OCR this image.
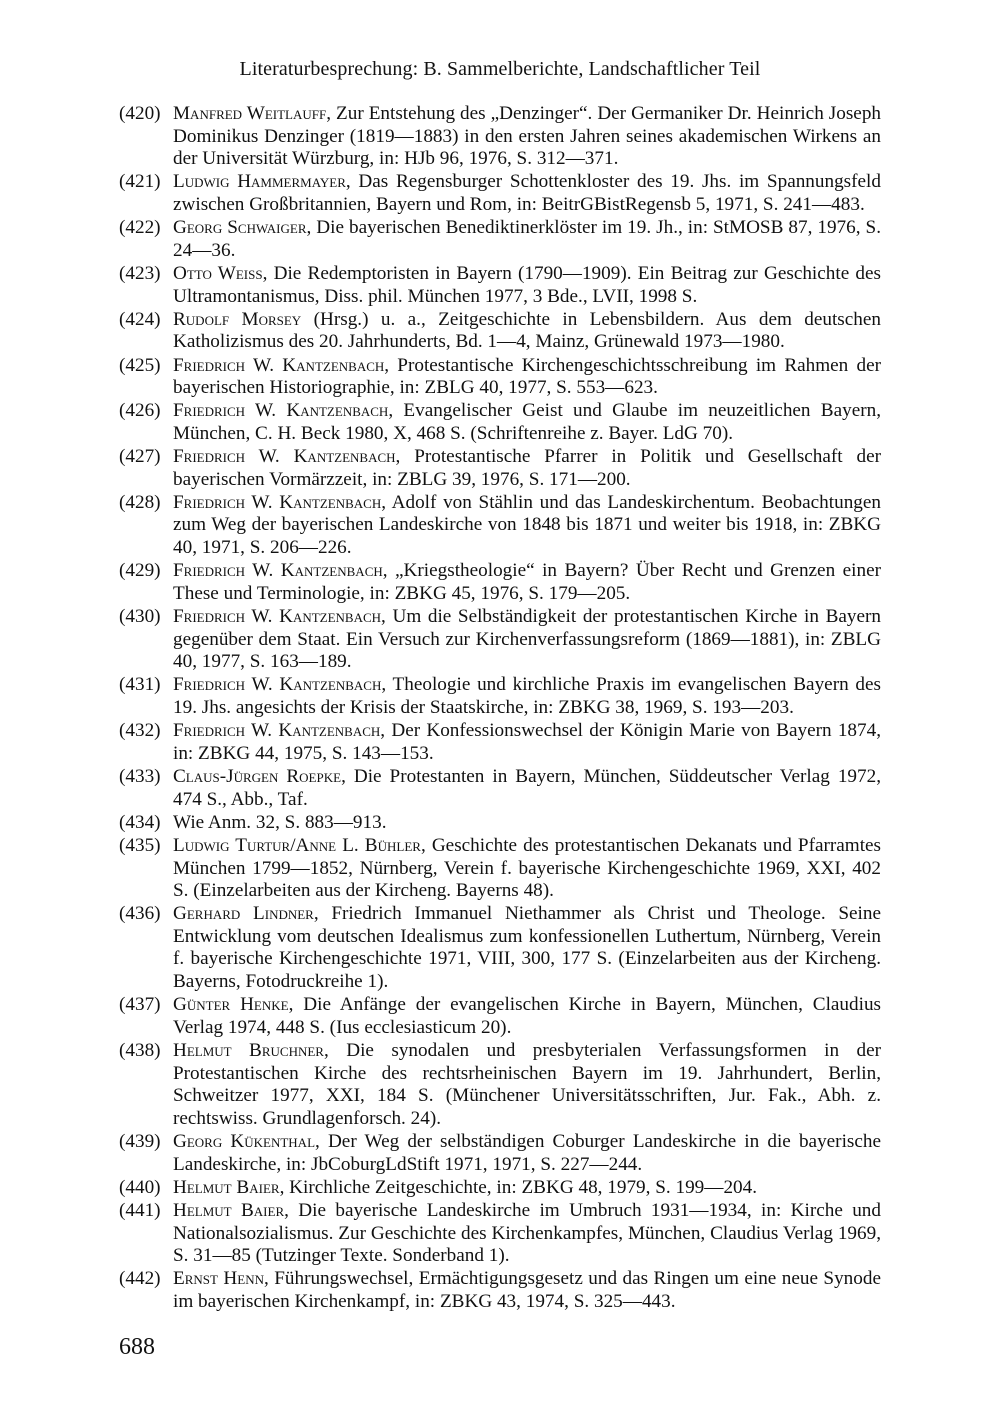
Literaturbesprechung: B. Sammelberichte, Landschaftlicher Teil
(420) Manfred Weitlauff, Zur Entstehung des „Denzinger“. Der Germaniker Dr. Heinrich Joseph Dominikus Denzinger (1819—1883) in den ersten Jahren seines akademischen Wirkens an der Universität Würzburg, in: HJb 96, 1976, S. 312—371.
(421) Ludwig Hammermayer, Das Regensburger Schottenkloster des 19. Jhs. im Spannungsfeld zwischen Großbritannien, Bayern und Rom, in: BeitrGBistRegensb 5, 1971, S. 241—483.
(422) Georg Schwaiger, Die bayerischen Benediktinerklöster im 19. Jh., in: StMOSB 87, 1976, S. 24—36.
(423) Otto Weiss, Die Redemptoristen in Bayern (1790—1909). Ein Beitrag zur Geschichte des Ultramontanismus, Diss. phil. München 1977, 3 Bde., LVII, 1998 S.
(424) Rudolf Morsey (Hrsg.) u. a., Zeitgeschichte in Lebensbildern. Aus dem deutschen Katholizismus des 20. Jahrhunderts, Bd. 1—4, Mainz, Grünewald 1973—1980.
(425) Friedrich W. Kantzenbach, Protestantische Kirchengeschichtsschreibung im Rahmen der bayerischen Historiographie, in: ZBLG 40, 1977, S. 553—623.
(426) Friedrich W. Kantzenbach, Evangelischer Geist und Glaube im neuzeitlichen Bayern, München, C. H. Beck 1980, X, 468 S. (Schriftenreihe z. Bayer. LdG 70).
(427) Friedrich W. Kantzenbach, Protestantische Pfarrer in Politik und Gesellschaft der bayerischen Vormärzzeit, in: ZBLG 39, 1976, S. 171—200.
(428) Friedrich W. Kantzenbach, Adolf von Stählin und das Landeskirchentum. Beobachtungen zum Weg der bayerischen Landeskirche von 1848 bis 1871 und weiter bis 1918, in: ZBKG 40, 1971, S. 206—226.
(429) Friedrich W. Kantzenbach, „Kriegstheologie“ in Bayern? Über Recht und Grenzen einer These und Terminologie, in: ZBKG 45, 1976, S. 179—205.
(430) Friedrich W. Kantzenbach, Um die Selbständigkeit der protestantischen Kirche in Bayern gegenüber dem Staat. Ein Versuch zur Kirchenverfassungsreform (1869—1881), in: ZBLG 40, 1977, S. 163—189.
(431) Friedrich W. Kantzenbach, Theologie und kirchliche Praxis im evangelischen Bayern des 19. Jhs. angesichts der Krisis der Staatskirche, in: ZBKG 38, 1969, S. 193—203.
(432) Friedrich W. Kantzenbach, Der Konfessionswechsel der Königin Marie von Bayern 1874, in: ZBKG 44, 1975, S. 143—153.
(433) Claus-Jürgen Roepke, Die Protestanten in Bayern, München, Süddeutscher Verlag 1972, 474 S., Abb., Taf.
(434) Wie Anm. 32, S. 883—913.
(435) Ludwig Turtur/Anne L. Bühler, Geschichte des protestantischen Dekanats und Pfarramtes München 1799—1852, Nürnberg, Verein f. bayerische Kirchengeschichte 1969, XXI, 402 S. (Einzelarbeiten aus der Kircheng. Bayerns 48).
(436) Gerhard Lindner, Friedrich Immanuel Niethammer als Christ und Theologe. Seine Entwicklung vom deutschen Idealismus zum konfessionellen Luthertum, Nürnberg, Verein f. bayerische Kirchengeschichte 1971, VIII, 300, 177 S. (Einzelarbeiten aus der Kircheng. Bayerns, Fotodruckreihe 1).
(437) Günter Henke, Die Anfänge der evangelischen Kirche in Bayern, München, Claudius Verlag 1974, 448 S. (Ius ecclesiasticum 20).
(438) Helmut Bruchner, Die synodalen und presbyterialen Verfassungsformen in der Protestantischen Kirche des rechtsrheinischen Bayern im 19. Jahrhundert, Berlin, Schweitzer 1977, XXI, 184 S. (Münchener Universitätsschriften, Jur. Fak., Abh. z. rechtswiss. Grundlagenforsch. 24).
(439) Georg Kükenthal, Der Weg der selbständigen Coburger Landeskirche in die bayerische Landeskirche, in: JbCoburgLdStift 1971, 1971, S. 227—244.
(440) Helmut Baier, Kirchliche Zeitgeschichte, in: ZBKG 48, 1979, S. 199—204.
(441) Helmut Baier, Die bayerische Landeskirche im Umbruch 1931—1934, in: Kirche und Nationalsozialismus. Zur Geschichte des Kirchenkampfes, München, Claudius Verlag 1969, S. 31—85 (Tutzinger Texte. Sonderband 1).
(442) Ernst Henn, Führungswechsel, Ermächtigungsgesetz und das Ringen um eine neue Synode im bayerischen Kirchenkampf, in: ZBKG 43, 1974, S. 325—443.
688
